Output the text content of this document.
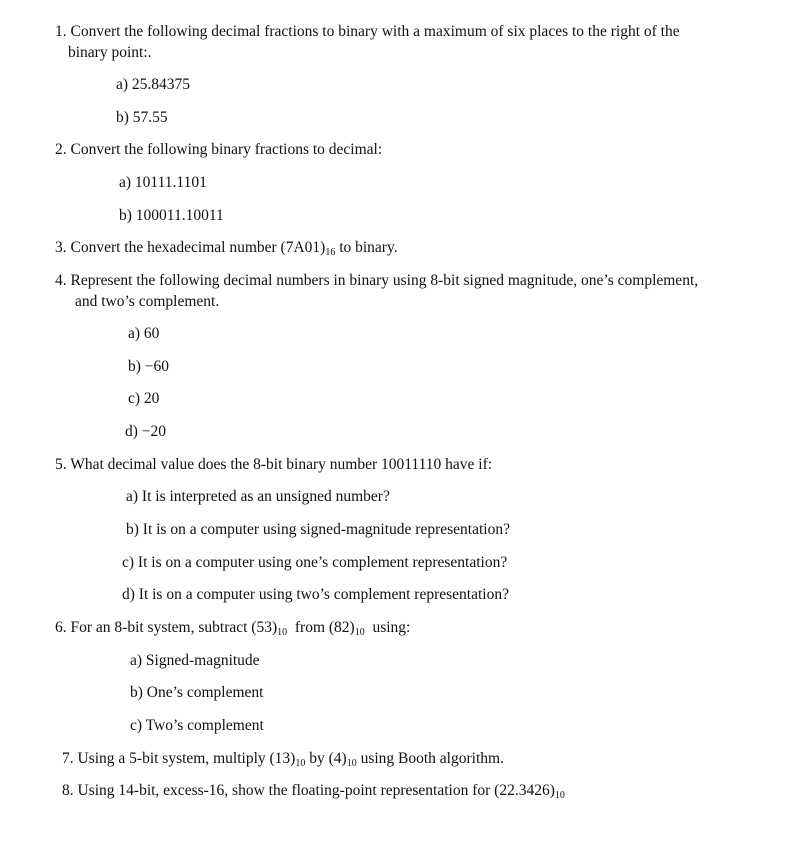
1. Convert the following decimal fractions to binary with a maximum of six places to the right of the
binary point:.
a) 25.84375
b) 57.55
2. Convert the following binary fractions to decimal:
a) 10111.1101
b) 100011.10011
3. Convert the hexadecimal number $(7A01)_{16}$ to binary.
4. Represent the following decimal numbers in binary using 8-bit signed magnitude, one’s complement,
and two’s complement.
a) 60
b) −60
c) 20
d) −20
5. What decimal value does the 8-bit binary number 10011110 have if:
a) It is interpreted as an unsigned number?
b) It is on a computer using signed-magnitude representation?
c) It is on a computer using one’s complement representation?
d) It is on a computer using two’s complement representation?
6. For an 8-bit system, subtract $(53)_{10}$  from $(82)_{10}$  using:
a) Signed-magnitude
b) One’s complement
c) Two’s complement
7. Using a 5-bit system, multiply $(13)_{10}$ by $(4)_{10}$ using Booth algorithm.
8. Using 14-bit, excess-16, show the floating-point representation for $(22.3426)_{10}$
